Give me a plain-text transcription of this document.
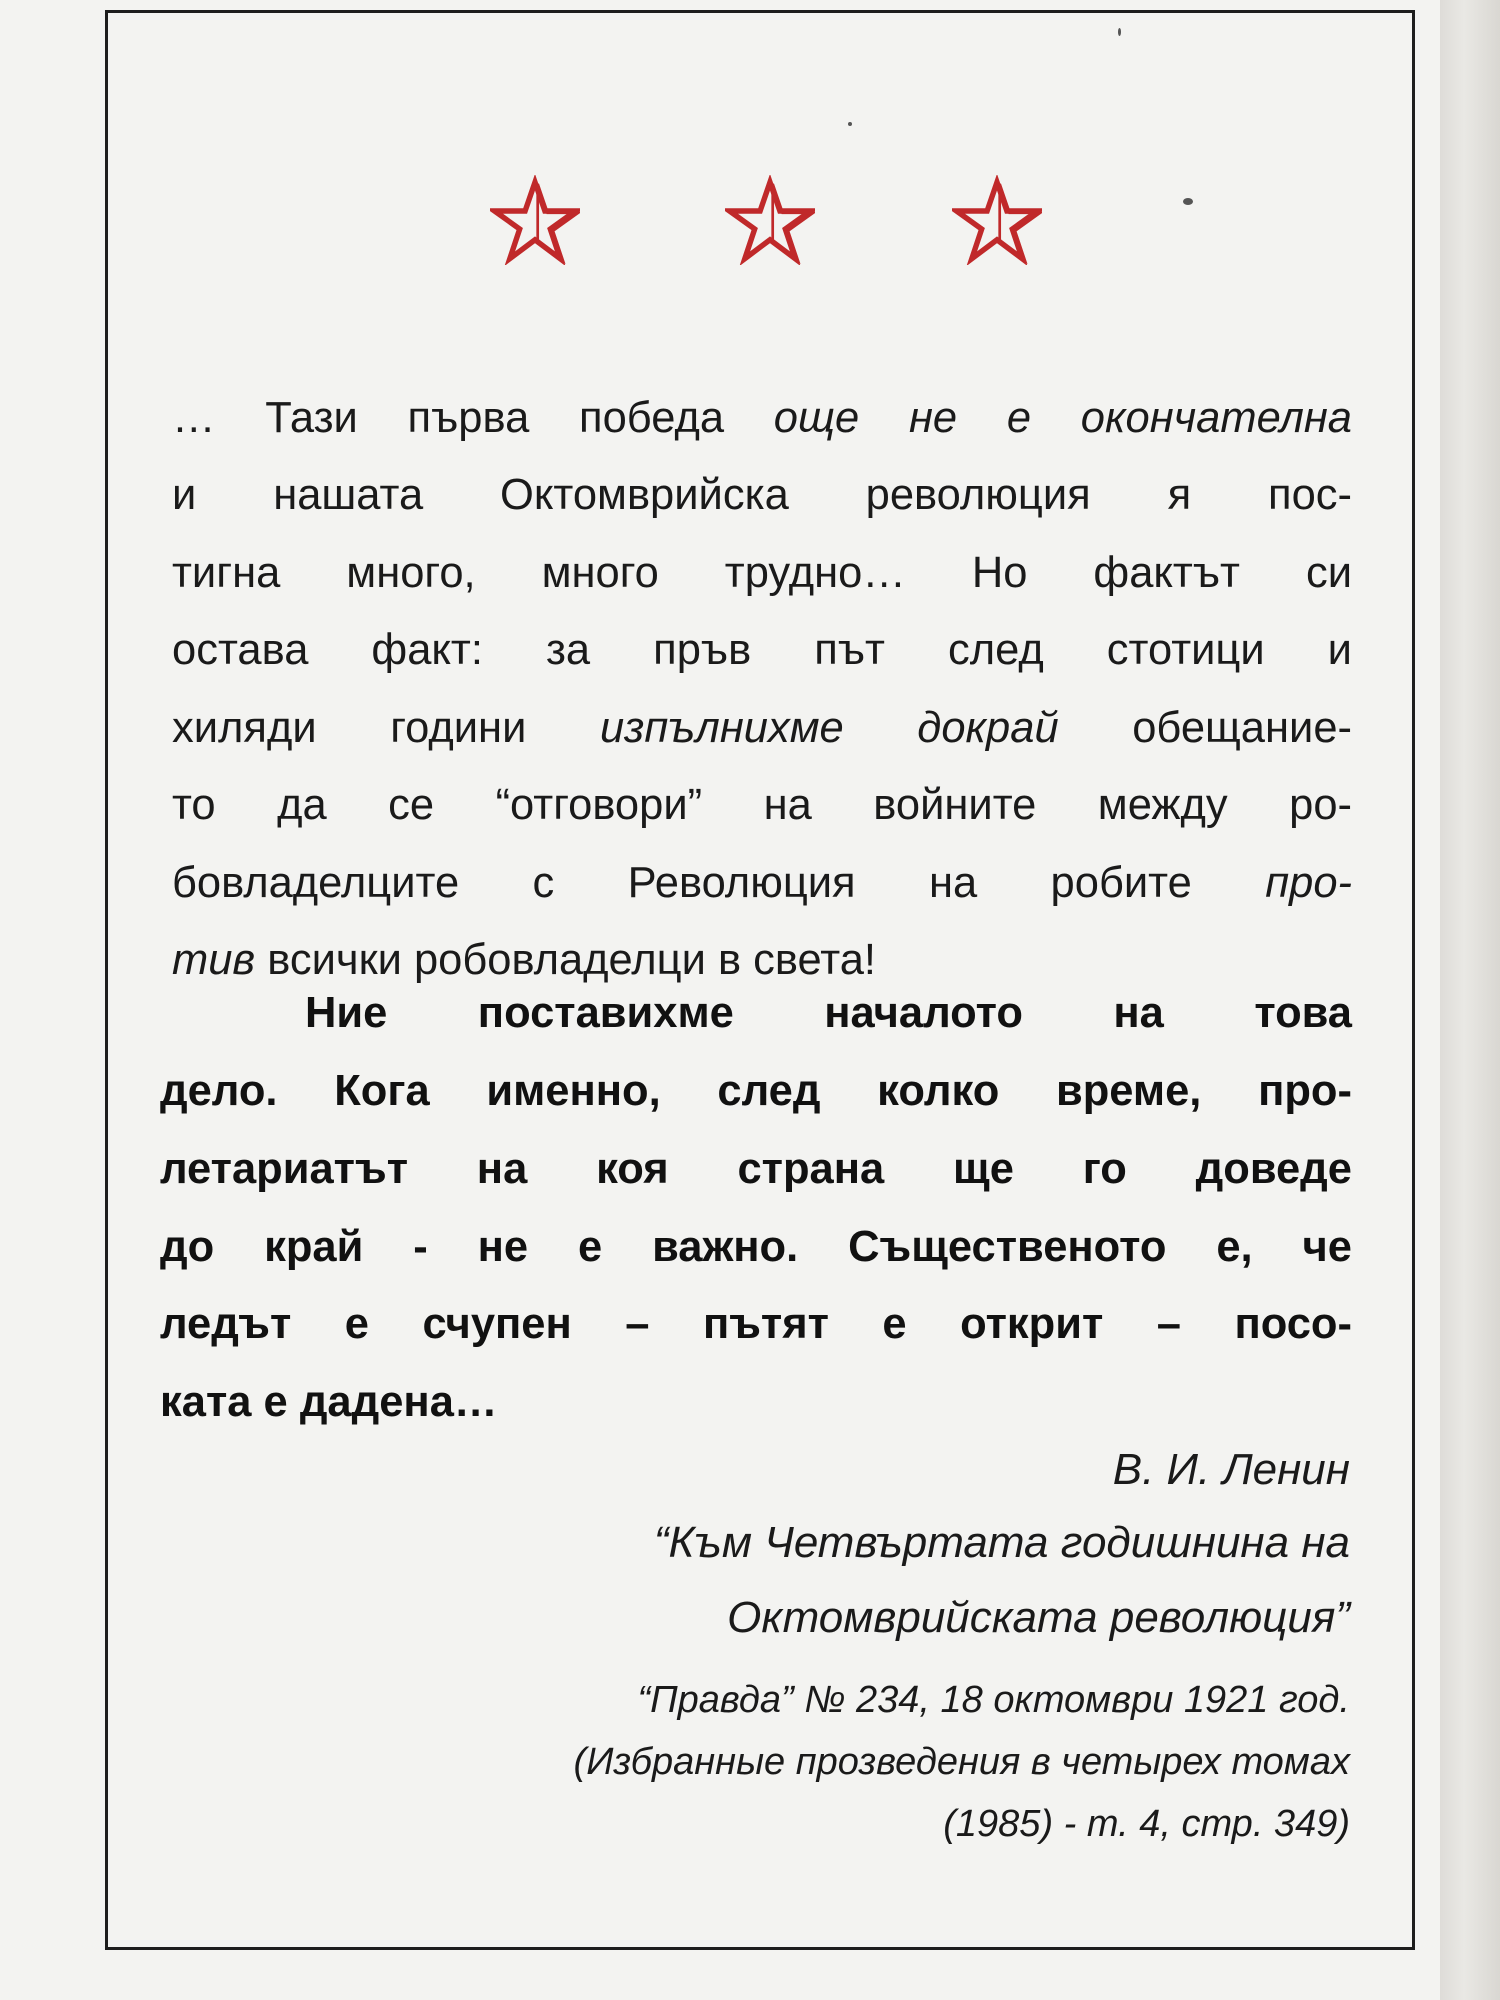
… Тази първа победа още не е окончателна
и нашата Октомврийска революция я пос-
тигна много, много трудно… Но фактът си
остава факт: за пръв път след стотици и
хиляди години изпълнихме докрай обещание-
то да се “отговори” на войните между ро-
бовладелците с Революция на робите про-
тив всички робовладелци в света!
Ние поставихме началото на това
дело. Кога именно, след колко време, про-
летариатът на коя страна ще го доведе
до край - не е важно. Същественото е, че
ледът е счупен – пътят е открит – посо-
ката е дадена…
В. И. Ленин
“Към Четвъртата годишнина на
Октомврийската революция”
“Правда” № 234, 18 октомври 1921 год.
(Избранные прозведения в четырех томах
(1985) - т. 4, стр. 349)
